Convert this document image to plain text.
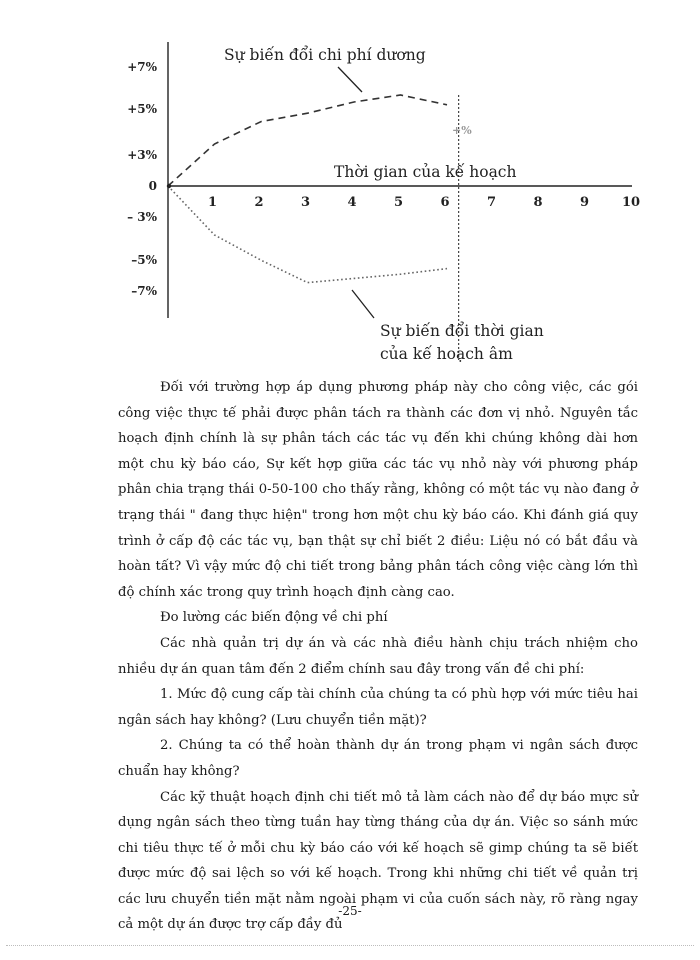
+%
+7%
+5%
+3%
0
– 3%
–5%
–7%
1	2	3	4	5	6	7	8	9	10
Thời gian của kế hoạch
Sự biến đổi chi phí dương
Sự biến đổi thời gian
của kế hoạch âm

Đối với trường hợp áp dụng phương pháp này cho công việc, các gói công việc thực tế phải được phân tách ra thành các đơn vị nhỏ. Nguyên tắc hoạch định chính là sự phân tách các tác vụ đến khi chúng không dài hơn một chu kỳ báo cáo, Sự kết hợp giữa các tác vụ nhỏ này với phương pháp phân chia trạng thái 0-50-100 cho thấy rằng, không có một tác vụ nào đang ở trạng thái " đang thực hiện" trong hơn một chu kỳ báo cáo. Khi đánh giá quy trình ở cấp độ các tác vụ, bạn thật sự chỉ biết 2 điều: Liệu nó có bắt đầu và hoàn tất? Vì vậy mức độ chi tiết trong bảng phân tách công việc càng lớn thì độ chính xác trong quy trình hoạch định càng cao.

Đo lường các biến động về chi phí

Các nhà quản trị dự án và các nhà điều hành chịu trách nhiệm cho nhiều dự án quan tâm đến 2 điểm chính sau đây trong vấn đề chi phí:

1. Mức độ cung cấp tài chính của chúng ta có phù hợp với mức tiêu hai ngân sách hay không? (Lưu chuyển tiền mặt)?

2. Chúng ta có thể hoàn thành dự án trong phạm vi ngân sách được chuẩn hay không?

Các kỹ thuật hoạch định chi tiết mô tả làm cách nào để dự báo mực sử dụng ngân sách theo từng tuần hay từng tháng của dự án. Việc so sánh mức chi tiêu thực tế ở mỗi chu kỳ báo cáo với kế hoạch sẽ gimp chúng ta sẽ biết được mức độ sai lệch so với kế hoạch. Trong khi những chi tiết về quản trị các lưu chuyển tiền mặt nằm ngoài phạm vi của cuốn sách này, rõ ràng ngay cả một dự án được trợ cấp đầy đủ

-25-
